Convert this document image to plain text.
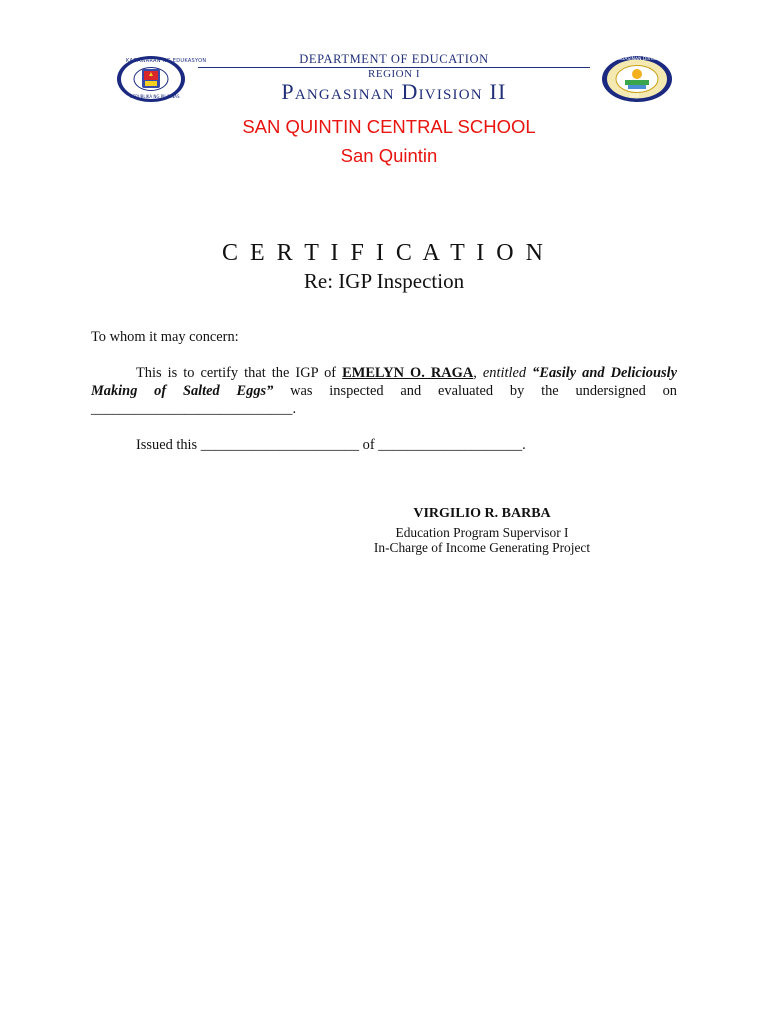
KAGAWARAN NG EDUKASYON
REPUBLIKA NG PILIPINAS
PANGASINAN DIVISION II
2000
DEPARTMENT OF EDUCATION
REGION I
Pangasinan Division II
SAN QUINTIN CENTRAL SCHOOL
San Quintin
C E R T I F I C A T I O N
Re: IGP Inspection
To whom it may concern:
This is to certify that the IGP of EMELYN O. RAGA, entitled “Easily and Deliciously
Making of Salted Eggs” was inspected and evaluated by the undersigned on
____________________________.
Issued this ______________________ of ____________________.
VIRGILIO R. BARBA
Education Program Supervisor I
In-Charge of Income Generating Project
